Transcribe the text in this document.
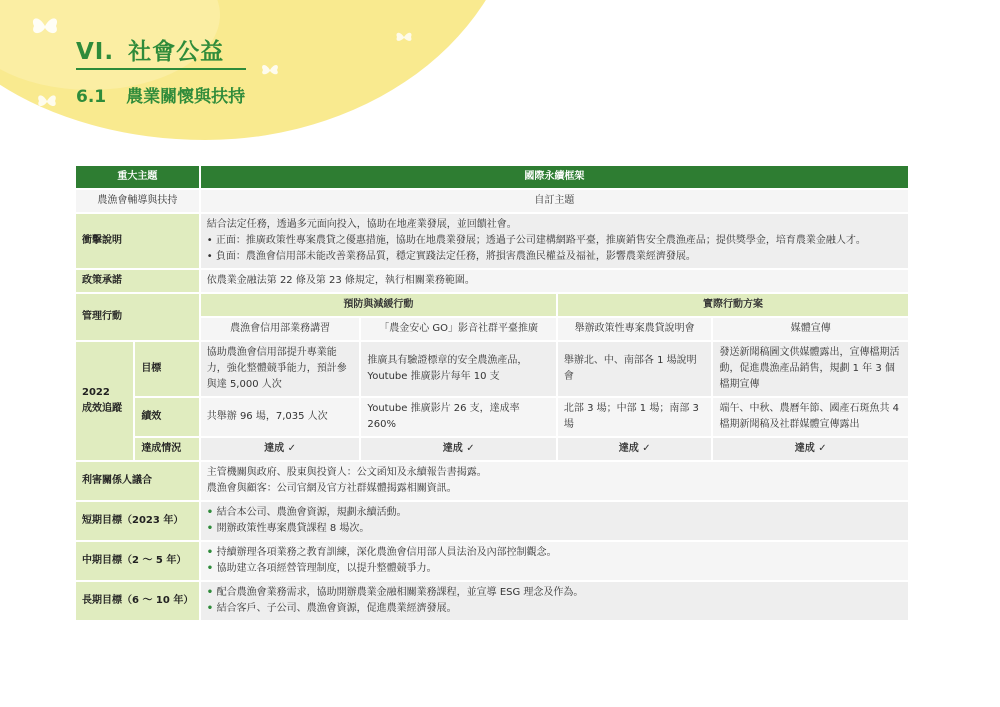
VI. 社會公益
6.1 農業關懷與扶持
重大主題		國際永續框架			
農漁會輔導與扶持		自訂主題			
衝擊說明		結合法定任務，透過多元面向投入，協助在地產業發展，並回饋社會。
• 正面：推廣政策性專案農貸之優惠措施，協助在地農業發展；透過子公司建構網路平臺，推廣銷售安全農漁產品；提供獎學金，培育農業金融人才。
• 負面：農漁會信用部未能改善業務品質，穩定實踐法定任務，將損害農漁民權益及福祉，影響農業經濟發展。			

政策承諾		依農業金融法第 22 條及第 23 條規定，執行相關業務範圍。			
管理行動		預防與減緩行動		實際行動方案	
		農漁會信用部業務講習	「農金安心 GO」影音社群平臺推廣	舉辦政策性專案農貸說明會	媒體宣傳

2022
成效追蹤	目標	協助農漁會信用部提升專業能力，強化整體競爭能力，預計參與達 5,000 人次	推廣具有驗證標章的安全農漁產品，Youtube 推廣影片每年 10 支	舉辦北、中、南部各 1 場說明會	發送新聞稿圖文供媒體露出，宣傳檔期活動，促進農漁產品銷售，規劃 1 年 3 個檔期宣傳
	績效	共舉辦 96 場，7,035 人次	Youtube 推廣影片 26 支，達成率 260%	北部 3 場；中部 1 場；南部 3 場	端午、中秋、農曆年節、國產石斑魚共 4 檔期新聞稿及社群媒體宣傳露出
	達成情況	達成 ✓	達成 ✓	達成 ✓	達成 ✓
利害關係人議合		主管機關與政府、股東與投資人：公文函知及永續報告書揭露。
農漁會與顧客：公司官網及官方社群媒體揭露相關資訊。			

短期目標（2023 年）		• 結合本公司、農漁會資源，規劃永續活動。
• 開辦政策性專案農貸課程 8 場次。

中期目標（2 ～ 5 年）		• 持續辦理各項業務之教育訓練，深化農漁會信用部人員法治及內部控制觀念。
• 協助建立各項經營管理制度，以提升整體競爭力。

長期目標（6 ～ 10 年）		• 配合農漁會業務需求，協助開辦農業金融相關業務課程，並宣導 ESG 理念及作為。
• 結合客戶、子公司、農漁會資源，促進農業經濟發展。
